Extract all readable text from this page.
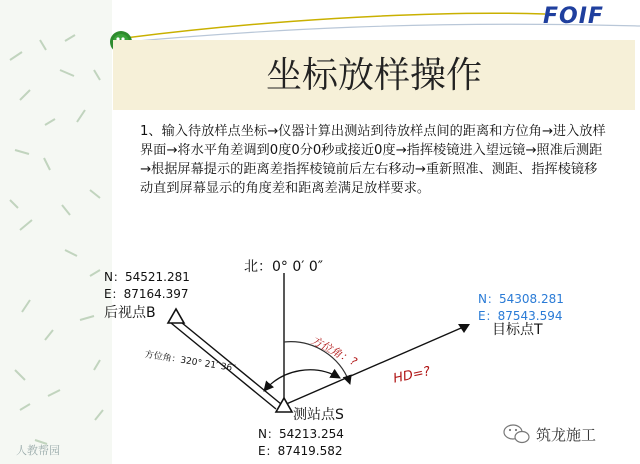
FOIF
坐标放样操作
1、输入待放样点坐标→仪器计算出测站到待放样点间的距离和方位角→进入放样界面→将水平角差调到0度0分0秒或接近0度→指挥棱镜进入望远镜→照准后测距→根据屏幕提示的距离差指挥棱镜前后左右移动→重新照准、测距、指挥棱镜移动直到屏幕显示的角度差和距离差满足放样要求。
北：0° 0′ 0″
N：54521.281
E：87164.397
后视点B
N：54308.281
E：87543.594
目标点T
测站点S
N：54213.254
E：87419.582
方位角：320° 21′ 36″	方位角：?
HD=?
人教帮园
筑龙施工
